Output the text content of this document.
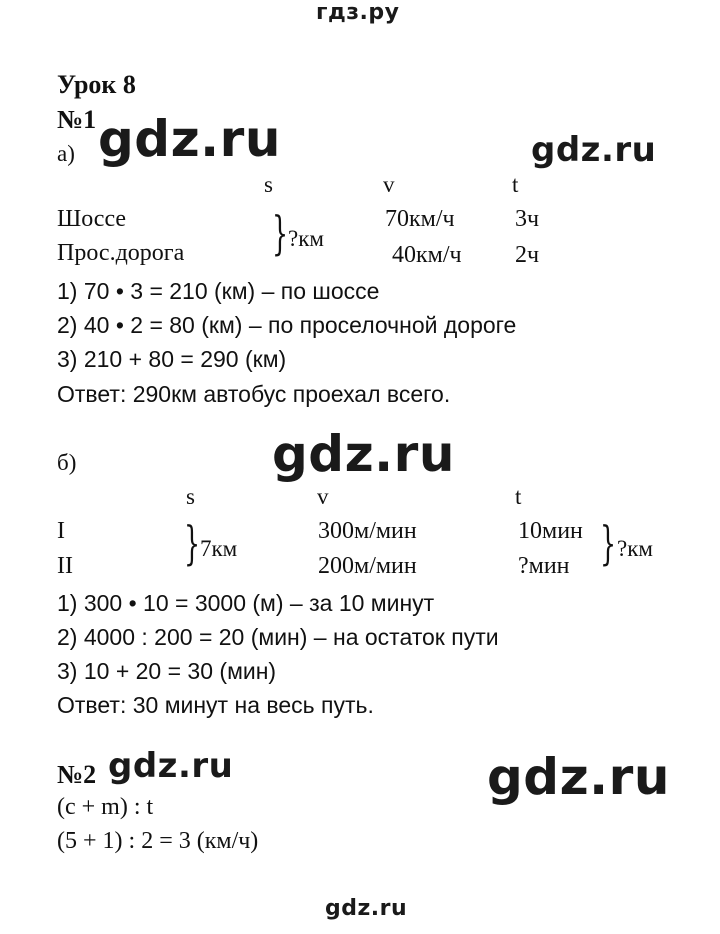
гдз.ру
gdz.ru	gdz.ru
gdz.ru
gdz.ru	gdz.ru
gdz.ru
Урок 8
№1
а)
s	v	t
Шоссе	70км/ч	3ч
Прос.дорога	40км/ч 2ч
} ?км
1) 70 • 3 = 210 (км) – по шоссе
2) 40 • 2 = 80 (км) – по проселочной дороге
3) 210 + 80 = 290 (км)
Ответ: 290км автобус проехал всего.
б)
s	v	t
I	300м/мин	10мин
II	200м/мин	?мин
} 7км	} ?км
1) 300 • 10 = 3000 (м) – за 10 минут
2) 4000 : 200 = 20 (мин) – на остаток пути
3) 10 + 20 = 30 (мин)
Ответ: 30 минут на весь путь.
№2
(с + m) : t
(5 + 1) : 2 = 3 (км/ч)
